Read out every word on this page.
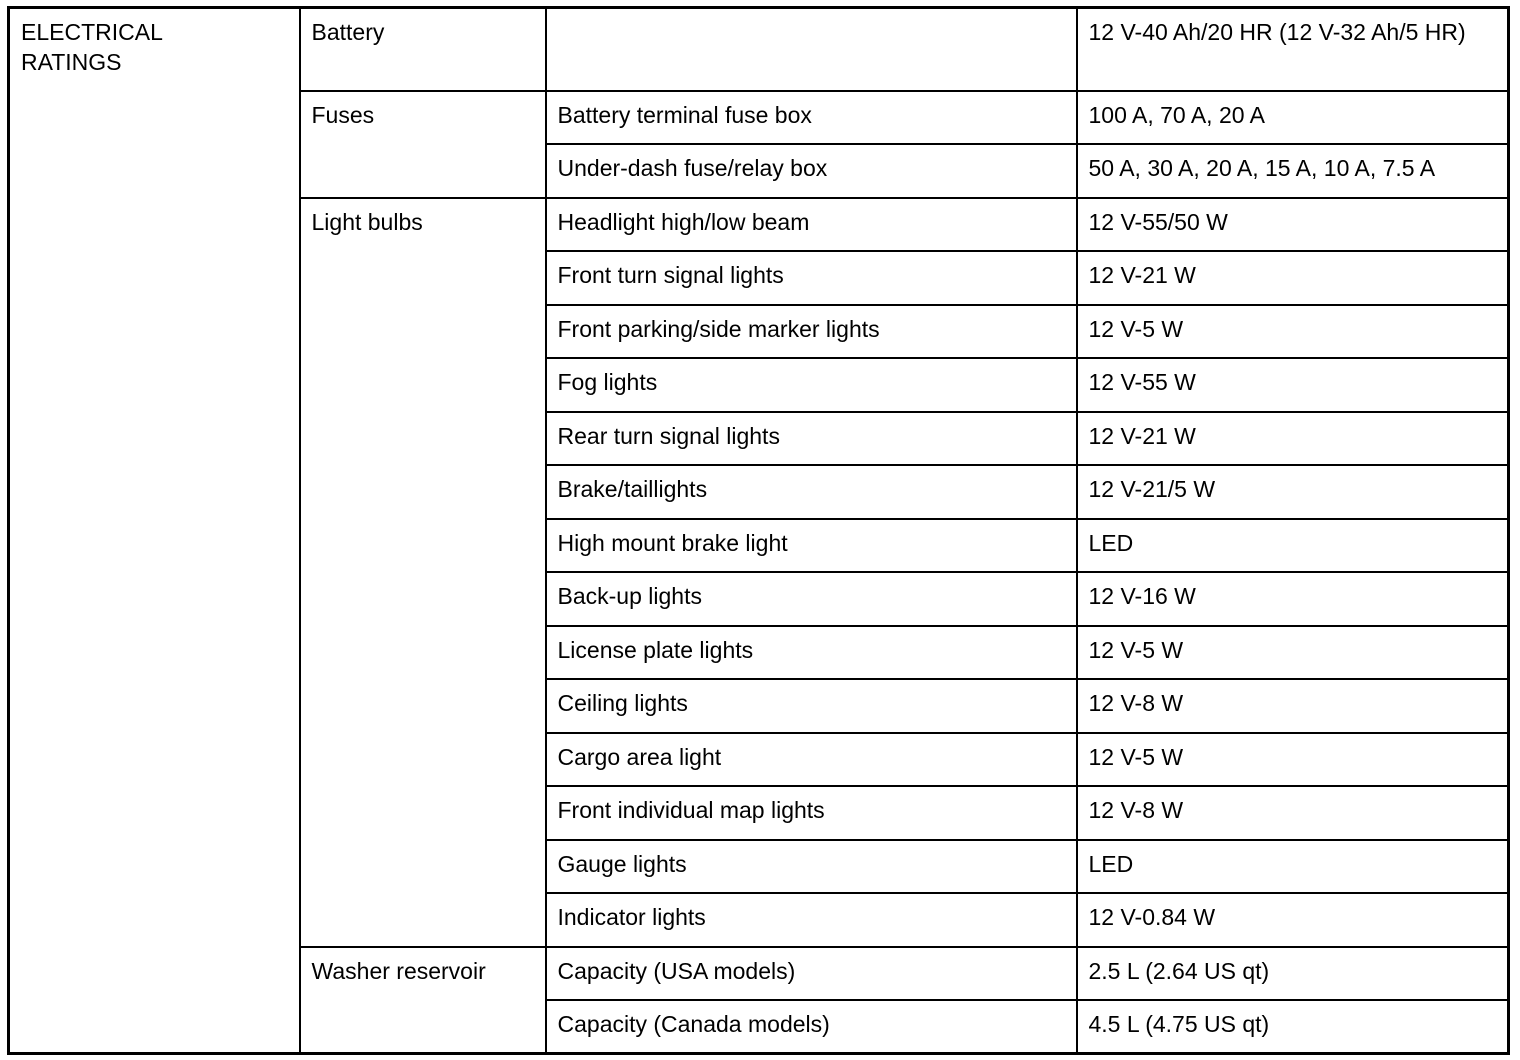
ELECTRICAL
RATINGS	Battery		12 V-40 Ah/20 HR (12 V-32 Ah/5 HR)
	Fuses	Battery terminal fuse box	100 A, 70 A, 20 A
		Under-dash fuse/relay box	50 A, 30 A, 20 A, 15 A, 10 A, 7.5 A
	Light bulbs	Headlight high/low beam	12 V-55/50 W
		Front turn signal lights	12 V-21 W
		Front parking/side marker lights	12 V-5 W
		Fog lights	12 V-55 W
		Rear turn signal lights	12 V-21 W
		Brake/taillights	12 V-21/5 W
		High mount brake light	LED
		Back-up lights	12 V-16 W
		License plate lights	12 V-5 W
		Ceiling lights	12 V-8 W
		Cargo area light	12 V-5 W
		Front individual map lights	12 V-8 W
		Gauge lights	LED
		Indicator lights	12 V-0.84 W
	Washer reservoir	Capacity (USA models)	2.5 L (2.64 US qt)
		Capacity (Canada models)	4.5 L (4.75 US qt)
